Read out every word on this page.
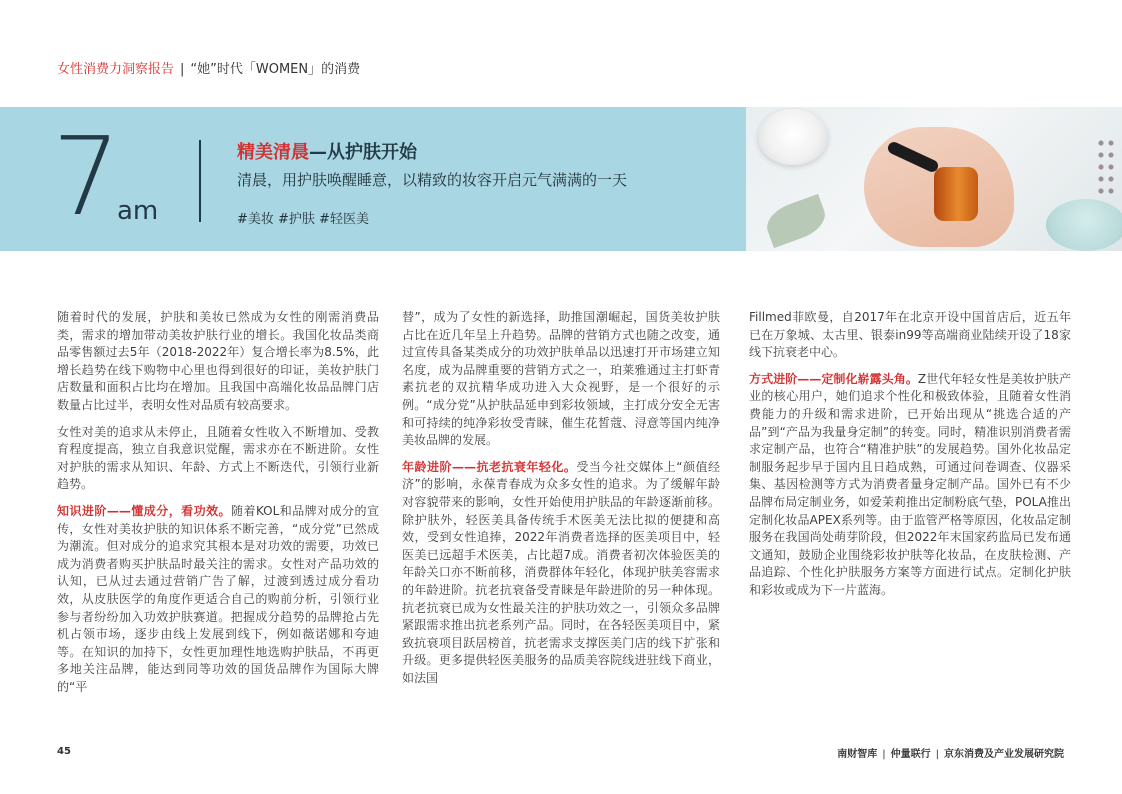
女性消费力洞察报告 | “她”时代「WOMEN」的消费
7
am
精美清晨—从护肤开始
清晨，用护肤唤醒睡意，以精致的妆容开启元气满满的一天
#美妆 #护肤 #轻医美

随着时代的发展，护肤和美妆已然成为女性的刚需消费品类，需求的增加带动美妆护肤行业的增长。我国化妆品类商品零售额过去5年（2018-2022年）复合增长率为8.5%，此增长趋势在线下购物中心里也得到很好的印证，美妆护肤门店数量和面积占比均在增加。且我国中高端化妆品品牌门店数量占比过半，表明女性对品质有较高要求。

女性对美的追求从未停止，且随着女性收入不断增加、受教育程度提高，独立自我意识觉醒，需求亦在不断进阶。女性对护肤的需求从知识、年龄、方式上不断迭代，引领行业新趋势。

知识进阶——懂成分，看功效。随着KOL和品牌对成分的宣传，女性对美妆护肤的知识体系不断完善，“成分党”已然成为潮流。但对成分的追求究其根本是对功效的需要，功效已成为消费者购买护肤品时最关注的需求。女性对产品功效的认知，已从过去通过营销广告了解，过渡到透过成分看功效，从皮肤医学的角度作更适合自己的购前分析，引领行业参与者纷纷加入功效护肤赛道。把握成分趋势的品牌抢占先机占领市场，逐步由线上发展到线下，例如薇诺娜和夸迪等。在知识的加持下，女性更加理性地选购护肤品，不再更多地关注品牌，能达到同等功效的国货品牌作为国际大牌的“平

替”，成为了女性的新选择，助推国潮崛起，国货美妆护肤占比在近几年呈上升趋势。品牌的营销方式也随之改变，通过宣传具备某类成分的功效护肤单品以迅速打开市场建立知名度，成为品牌重要的营销方式之一，珀莱雅通过主打虾青素抗老的双抗精华成功进入大众视野，是一个很好的示例。“成分党”从护肤品延申到彩妆领域，主打成分安全无害和可持续的纯净彩妆受青睐，催生花皙蔻、浔意等国内纯净美妆品牌的发展。

年龄进阶——抗老抗衰年轻化。受当今社交媒体上“颜值经济”的影响，永葆青春成为众多女性的追求。为了缓解年龄对容貌带来的影响，女性开始使用护肤品的年龄逐渐前移。除护肤外，轻医美具备传统手术医美无法比拟的便捷和高效，受到女性追捧，2022年消费者选择的医美项目中，轻医美已远超手术医美，占比超7成。消费者初次体验医美的年龄关口亦不断前移，消费群体年轻化，体现护肤美容需求的年龄进阶。抗老抗衰备受青睐是年龄进阶的另一种体现。抗老抗衰已成为女性最关注的护肤功效之一，引领众多品牌紧跟需求推出抗老系列产品。同时，在各轻医美项目中，紧致抗衰项目跃居榜首，抗老需求支撑医美门店的线下扩张和升级。更多提供轻医美服务的品质美容院线进驻线下商业，如法国

Fillmed菲欧曼，自2017年在北京开设中国首店后，近五年已在万象城、太古里、银泰in99等高端商业陆续开设了18家线下抗衰老中心。

方式进阶——定制化崭露头角。Z世代年轻女性是美妆护肤产业的核心用户，她们追求个性化和极致体验，且随着女性消费能力的升级和需求进阶，已开始出现从“挑选合适的产品”到“产品为我量身定制”的转变。同时，精准识别消费者需求定制产品，也符合“精准护肤”的发展趋势。国外化妆品定制服务起步早于国内且日趋成熟，可通过问卷调查、仪器采集、基因检测等方式为消费者量身定制产品。国外已有不少品牌布局定制业务，如爱茉莉推出定制粉底气垫，POLA推出定制化妆品APEX系列等。由于监管严格等原因，化妆品定制服务在我国尚处萌芽阶段，但2022年末国家药监局已发布通文通知，鼓励企业围绕彩妆护肤等化妆品，在皮肤检测、产品追踪、个性化护肤服务方案等方面进行试点。定制化护肤和彩妆或成为下一片蓝海。

45	南财智库 | 仲量联行 | 京东消费及产业发展研究院
